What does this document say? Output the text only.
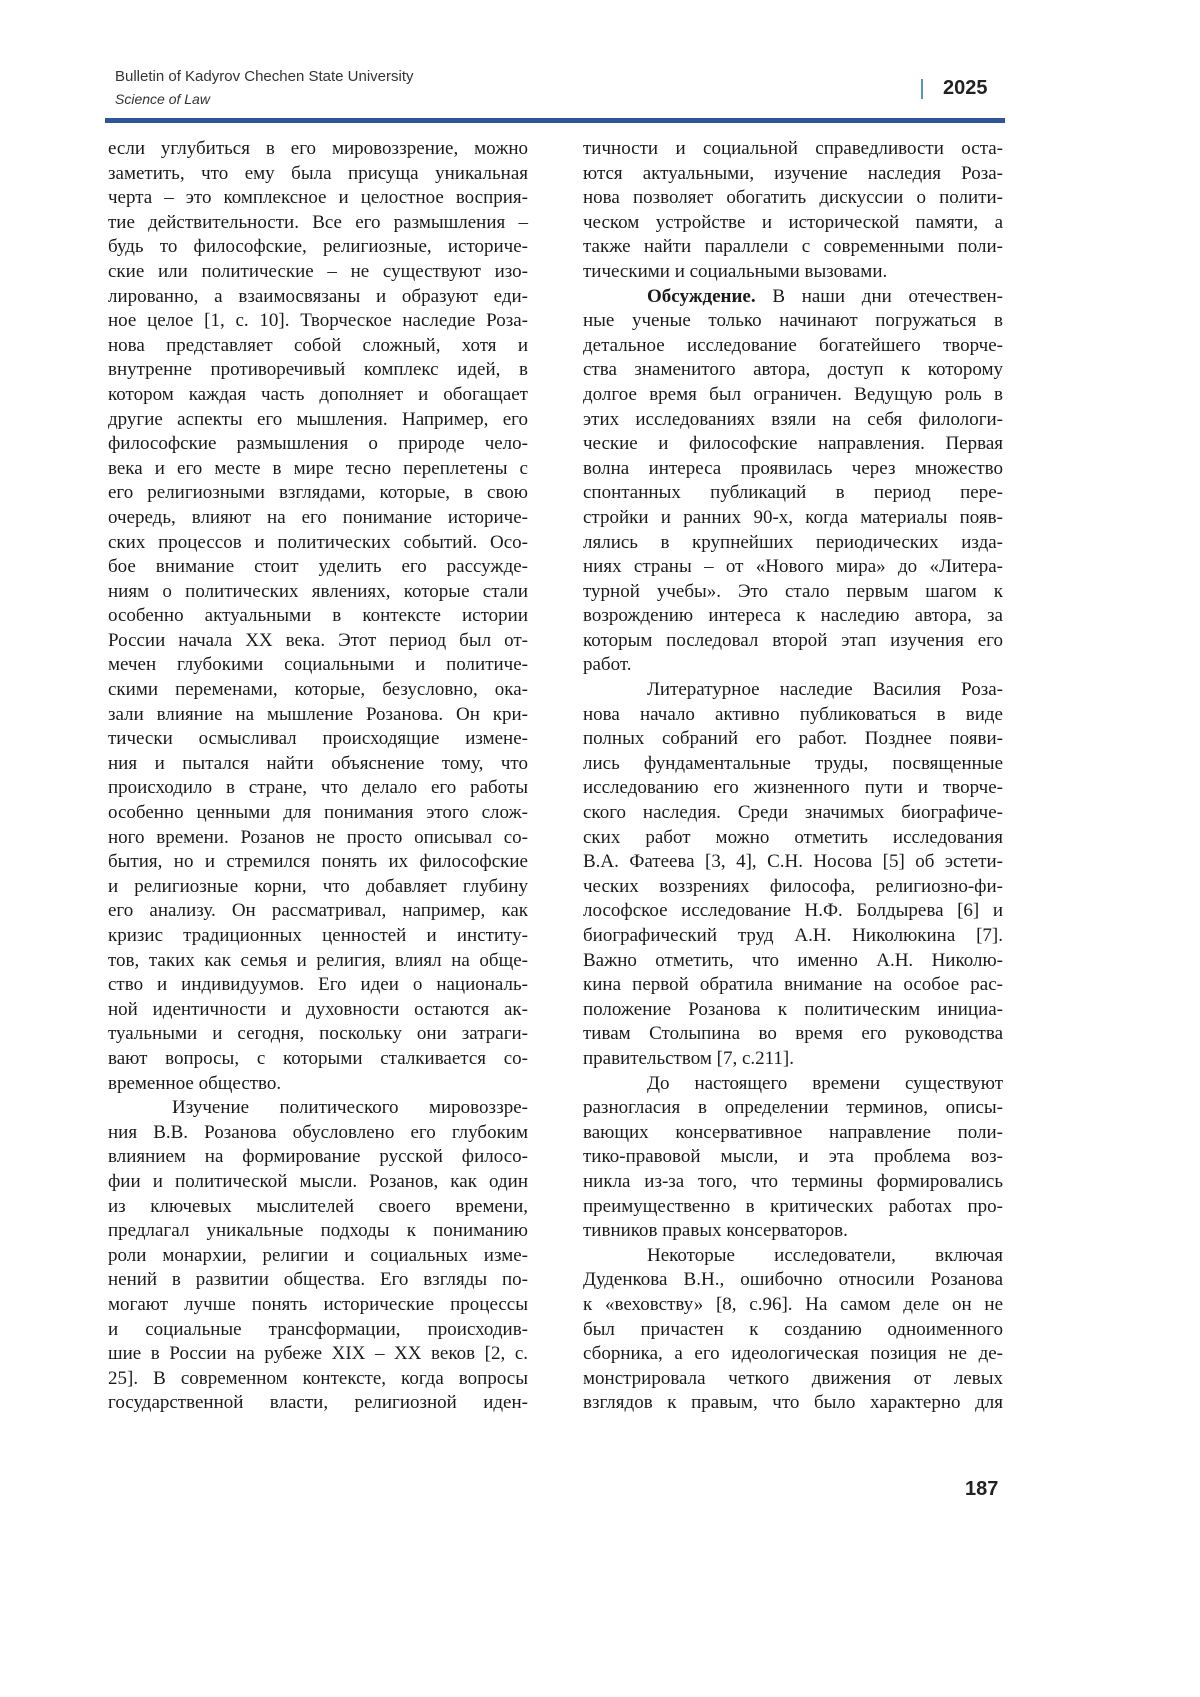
Bulletin of Kadyrov Chechen State University
Science of Law	2025
если углубиться в его мировоззрение, можно
заметить, что ему была присуща уникальная
черта – это комплексное и целостное восприя-
тие действительности. Все его размышления –
будь то философские, религиозные, историче-
ские или политические – не существуют изо-
лированно, а взаимосвязаны и образуют еди-
ное целое [1, с. 10]. Творческое наследие Роза-
нова представляет собой сложный, хотя и
внутренне противоречивый комплекс идей, в
котором каждая часть дополняет и обогащает
другие аспекты его мышления. Например, его
философские размышления о природе чело-
века и его месте в мире тесно переплетены с
его религиозными взглядами, которые, в свою
очередь, влияют на его понимание историче-
ских процессов и политических событий. Осо-
бое внимание стоит уделить его рассужде-
ниям о политических явлениях, которые стали
особенно актуальными в контексте истории
России начала XX века. Этот период был от-
мечен глубокими социальными и политиче-
скими переменами, которые, безусловно, ока-
зали влияние на мышление Розанова. Он кри-
тически осмысливал происходящие измене-
ния и пытался найти объяснение тому, что
происходило в стране, что делало его работы
особенно ценными для понимания этого слож-
ного времени. Розанов не просто описывал со-
бытия, но и стремился понять их философские
и религиозные корни, что добавляет глубину
его анализу. Он рассматривал, например, как
кризис традиционных ценностей и институ-
тов, таких как семья и религия, влиял на обще-
ство и индивидуумов. Его идеи о националь-
ной идентичности и духовности остаются ак-
туальными и сегодня, поскольку они затраги-
вают вопросы, с которыми сталкивается со-
временное общество.
Изучение политического мировоззре-
ния В.В. Розанова обусловлено его глубоким
влиянием на формирование русской филосо-
фии и политической мысли. Розанов, как один
из ключевых мыслителей своего времени,
предлагал уникальные подходы к пониманию
роли монархии, религии и социальных изме-
нений в развитии общества. Его взгляды по-
могают лучше понять исторические процессы
и социальные трансформации, происходив-
шие в России на рубеже XIX – XX веков [2, с.
25]. В современном контексте, когда вопросы
государственной власти, религиозной иден-
тичности и социальной справедливости оста-
ются актуальными, изучение наследия Роза-
нова позволяет обогатить дискуссии о полити-
ческом устройстве и исторической памяти, а
также найти параллели с современными поли-
тическими и социальными вызовами.
Обсуждение. В наши дни отечествен-
ные ученые только начинают погружаться в
детальное исследование богатейшего творче-
ства знаменитого автора, доступ к которому
долгое время был ограничен. Ведущую роль в
этих исследованиях взяли на себя филологи-
ческие и философские направления. Первая
волна интереса проявилась через множество
спонтанных публикаций в период пере-
стройки и ранних 90-х, когда материалы появ-
лялись в крупнейших периодических изда-
ниях страны – от «Нового мира» до «Литера-
турной учебы». Это стало первым шагом к
возрождению интереса к наследию автора, за
которым последовал второй этап изучения его
работ.
Литературное наследие Василия Роза-
нова начало активно публиковаться в виде
полных собраний его работ. Позднее появи-
лись фундаментальные труды, посвященные
исследованию его жизненного пути и творче-
ского наследия. Среди значимых биографиче-
ских работ можно отметить исследования
В.А. Фатеева [3, 4], С.Н. Носова [5] об эстети-
ческих воззрениях философа, религиозно-фи-
лософское исследование Н.Ф. Болдырева [6] и
биографический труд А.Н. Николюкина [7].
Важно отметить, что именно А.Н. Николю-
кина первой обратила внимание на особое рас-
положение Розанова к политическим инициа-
тивам Столыпина во время его руководства
правительством [7, с.211].
До настоящего времени существуют
разногласия в определении терминов, описы-
вающих консервативное направление поли-
тико-правовой мысли, и эта проблема воз-
никла из-за того, что термины формировались
преимущественно в критических работах про-
тивников правых консерваторов.
Некоторые исследователи, включая
Дуденкова В.Н., ошибочно относили Розанова
к «веховству» [8, с.96]. На самом деле он не
был причастен к созданию одноименного
сборника, а его идеологическая позиция не де-
монстрировала четкого движения от левых
взглядов к правым, что было характерно для
187
